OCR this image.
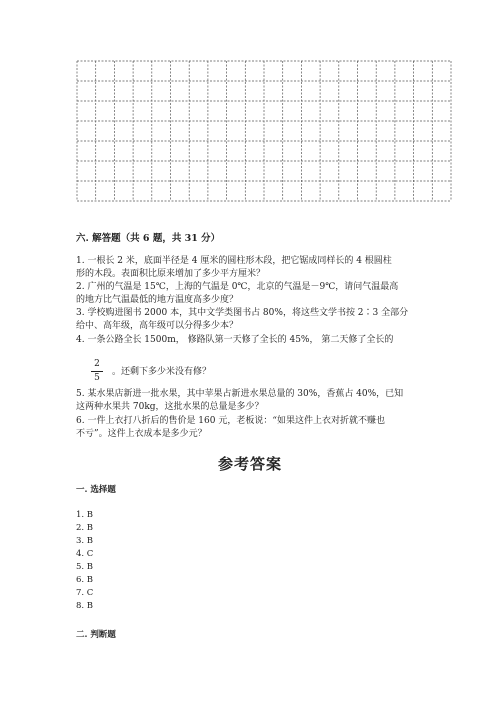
六. 解答题（共 6 题，共 31 分）
1. 一根长 2 米，底面半径是 4 厘米的圆柱形木段，把它锯成同样长的 4 根圆柱
形的木段。表面积比原来增加了多少平方厘米？
2. 广州的气温是 15℃，上海的气温是 0℃，北京的气温是－9℃，请问气温最高
的地方比气温最低的地方温度高多少度？
3. 学校购进图书 2000 本，其中文学类图书占 80%，将这些文学书按 2∶3 全部分
给中、高年级，高年级可以分得多少本？
4. 一条公路全长 1500m， 修路队第一天修了全长的 45%， 第二天修了全长的
2
5
。还剩下多少米没有修？
5. 某水果店新进一批水果，其中苹果占新进水果总量的 30%，香蕉占 40%，已知
这两种水果共 70kg，这批水果的总量是多少？
6. 一件上衣打八折后的售价是 160 元，老板说：“如果这件上衣对折就不赚也
不亏”。这件上衣成本是多少元？
参考答案
一. 选择题
1. B
2. B
3. B
4. C
5. B
6. B
7. C
8. B
二. 判断题
